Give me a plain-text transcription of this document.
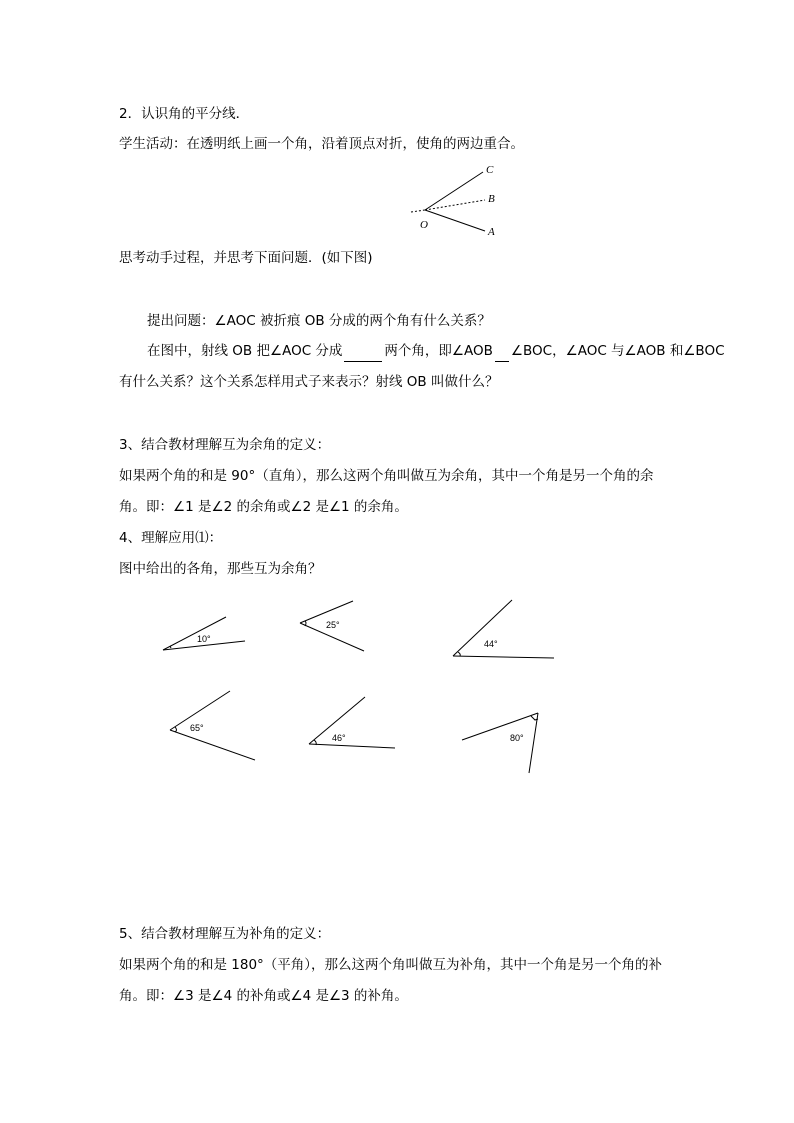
2．认识角的平分线．
学生活动：在透明纸上画一个角，沿着顶点对折，使角的两边重合。
C
B
O
A
思考动手过程，并思考下面问题．(如下图)
提出问题：∠AOC 被折痕 OB 分成的两个角有什么关系？
在图中，射线 OB 把∠AOC 分成	两个角，即∠AOB ∠BOC，∠AOC 与∠AOB 和∠BOC
有什么关系？这个关系怎样用式子来表示？射线 OB 叫做什么？
3、结合教材理解互为余角的定义：
如果两个角的和是 90°（直角），那么这两个角叫做互为余角，其中一个角是另一个角的余
角。即：∠1 是∠2 的余角或∠2 是∠1 的余角。
4、理解应用⑴：
图中给出的各角，那些互为余角？
10°
25°
44°
65°
46°	80°
5、结合教材理解互为补角的定义：
如果两个角的和是 180°（平角），那么这两个角叫做互为补角，其中一个角是另一个角的补
角。即：∠3 是∠4 的补角或∠4 是∠3 的补角。
